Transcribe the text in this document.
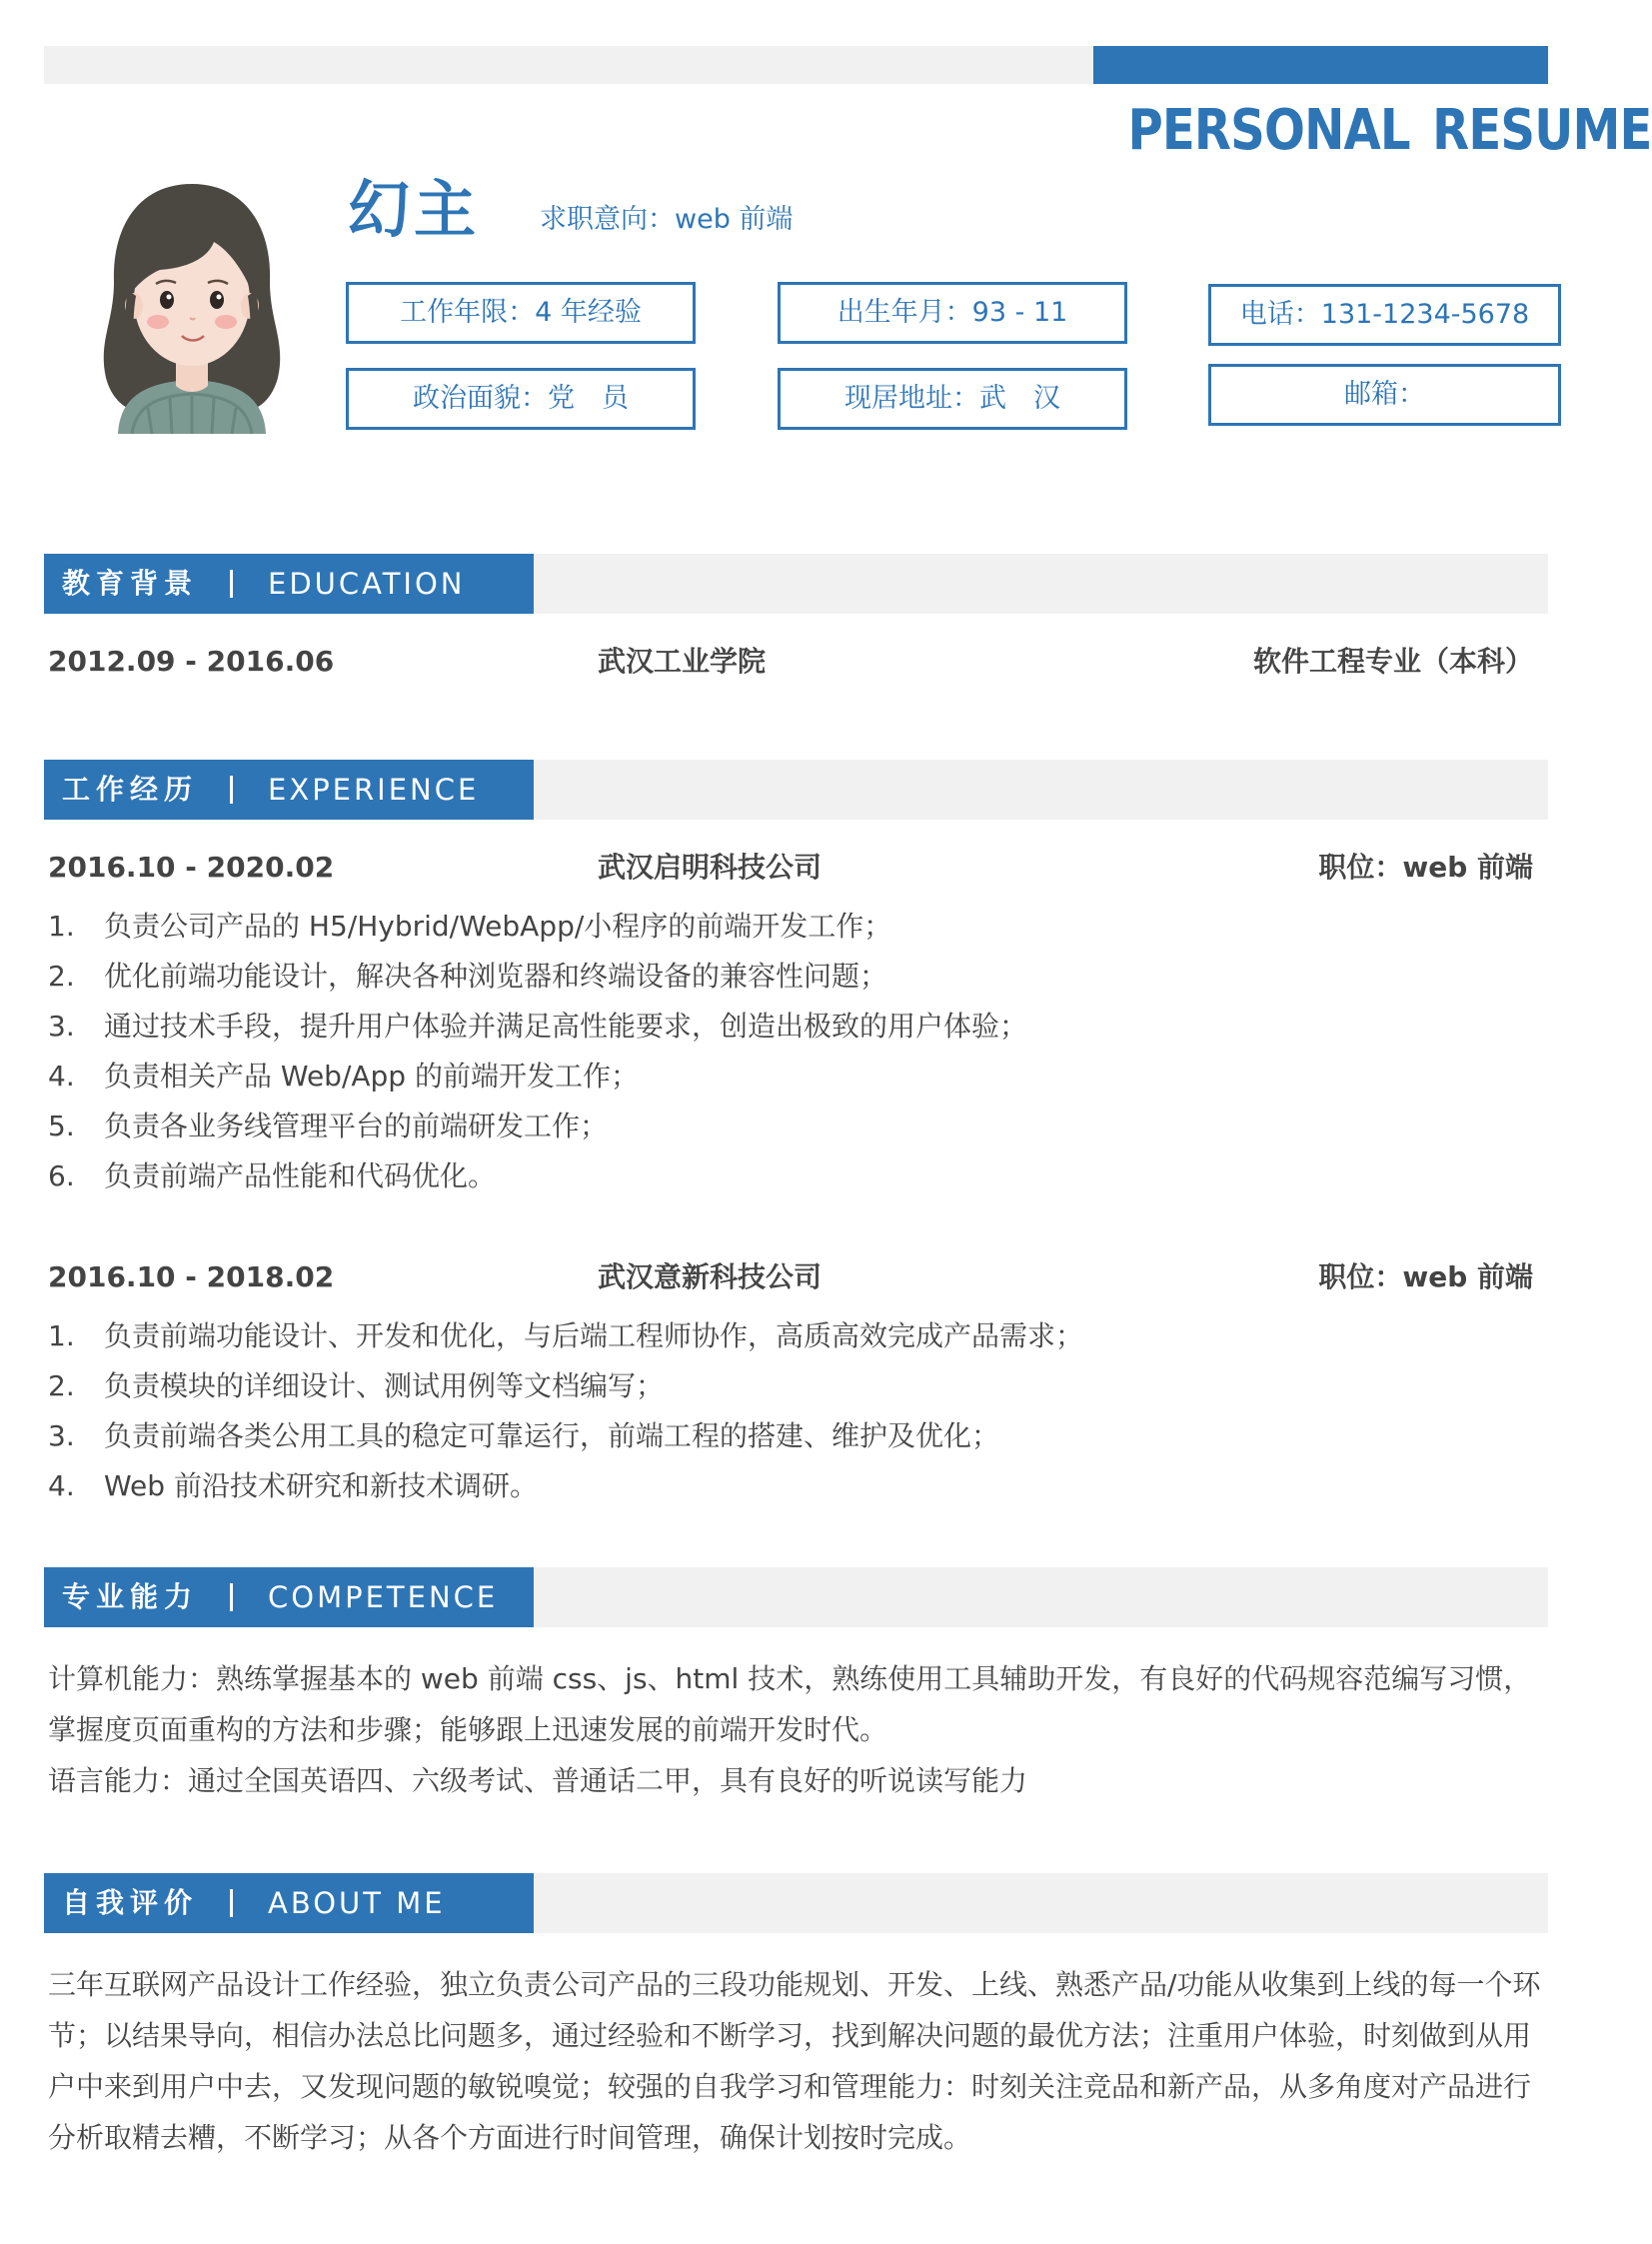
PERSONAL RESUME
幻主 求职意向：web 前端
工作年限：4 年经验	出生年月：93 - 11	电话：131-1234-5678
政治面貌：党　员	现居地址：武　汉	邮箱：
教育背景 EDUCATION
2012.09 - 2016.06	武汉工业学院	软件工程专业（本科）
工作经历 EXPERIENCE
2016.10 - 2020.02	武汉启明科技公司	职位：web 前端
1. 负责公司产品的 H5/Hybrid/WebApp/小程序的前端开发工作；
2. 优化前端功能设计，解决各种浏览器和终端设备的兼容性问题；
3. 通过技术手段，提升用户体验并满足高性能要求，创造出极致的用户体验；
4. 负责相关产品 Web/App 的前端开发工作；
5. 负责各业务线管理平台的前端研发工作；
6. 负责前端产品性能和代码优化。
2016.10 - 2018.02	武汉意新科技公司	职位：web 前端
1. 负责前端功能设计、开发和优化，与后端工程师协作，高质高效完成产品需求；
2. 负责模块的详细设计、测试用例等文档编写；
3. 负责前端各类公用工具的稳定可靠运行，前端工程的搭建、维护及优化；
4. Web 前沿技术研究和新技术调研。
专业能力 COMPETENCE
计算机能力：熟练掌握基本的 web 前端 css、js、html 技术，熟练使用工具辅助开发，有良好的代码规容范编写习惯，掌握度页面重构的方法和步骤；能够跟上迅速发展的前端开发时代。
语言能力：通过全国英语四、六级考试、普通话二甲，具有良好的听说读写能力
自我评价 ABOUT ME
三年互联网产品设计工作经验，独立负责公司产品的三段功能规划、开发、上线、熟悉产品/功能从收集到上线的每一个环节；以结果导向，相信办法总比问题多，通过经验和不断学习，找到解决问题的最优方法；注重用户体验，时刻做到从用户中来到用户中去，又发现问题的敏锐嗅觉；较强的自我学习和管理能力：时刻关注竞品和新产品，从多角度对产品进行分析取精去糟，不断学习；从各个方面进行时间管理，确保计划按时完成。
